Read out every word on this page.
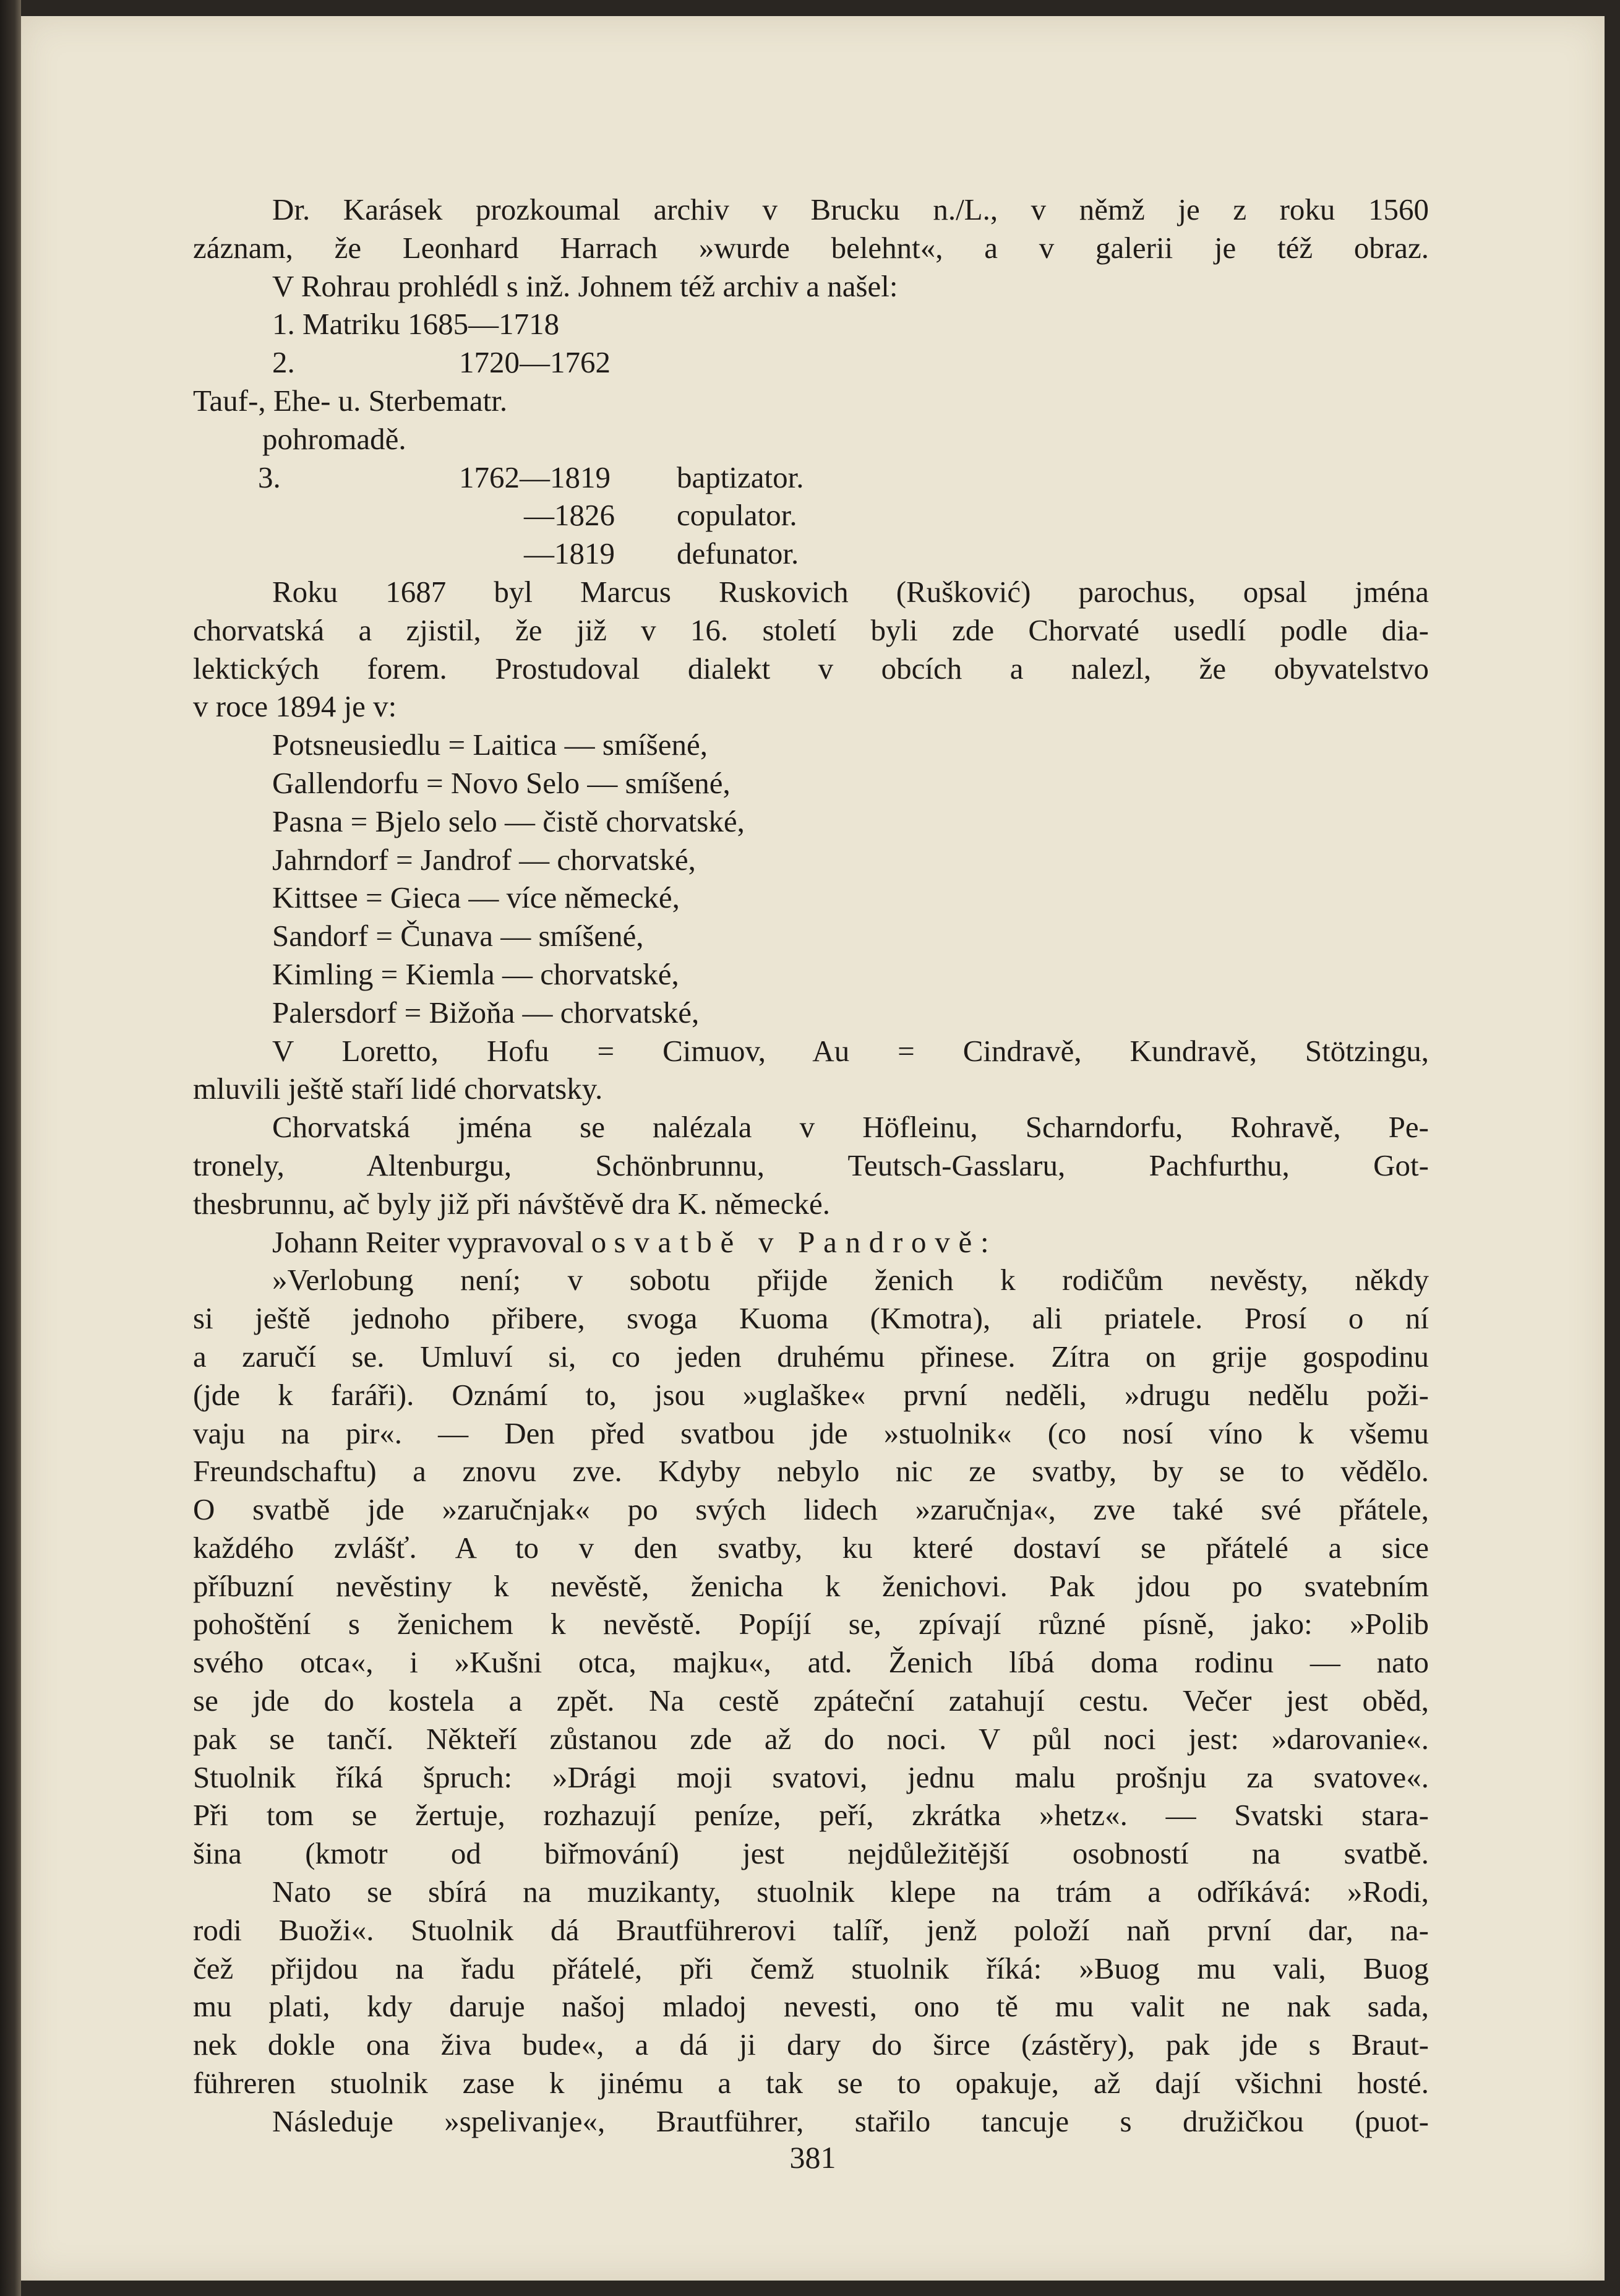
Dr. Karásek prozkoumal archiv v Brucku n./L., v němž je z roku 1560
záznam, že Leonhard Harrach »wurde belehnt«, a v galerii je též obraz.
V Rohrau prohlédl s inž. Johnem též archiv a našel:
1. Matriku 1685—1718
2.	1720—1762
Tauf-, Ehe- u. Sterbematr.
pohromadě.
3.	1762—1819 baptizator.
—1826 copulator.
—1819 defunator.
Roku 1687 byl Marcus Ruskovich (Rušković) parochus, opsal jména
chorvatská a zjistil, že již v 16. století byli zde Chorvaté usedlí podle dia-
lektických forem. Prostudoval dialekt v obcích a nalezl, že obyvatelstvo
v roce 1894 je v:
Potsneusiedlu = Laitica — smíšené,
Gallendorfu = Novo Selo — smíšené,
Pasna = Bjelo selo — čistě chorvatské,
Jahrndorf = Jandrof — chorvatské,
Kittsee = Gieca — více německé,
Sandorf = Čunava — smíšené,
Kimling = Kiemla — chorvatské,
Palersdorf = Bižoňa — chorvatské,
V Loretto, Hofu = Cimuov, Au = Cindravě, Kundravě, Stötzingu,
mluvili ještě staří lidé chorvatsky.
Chorvatská jména se nalézala v Höfleinu, Scharndorfu, Rohravě, Pe-
tronely, Altenburgu, Schönbrunnu, Teutsch-Gasslaru, Pachfurthu, Got-
thesbrunnu, ač byly již při návštěvě dra K. německé.
Johann Reiter vypravoval o svatbě v Pandrově:
»Verlobung není; v sobotu přijde ženich k rodičům nevěsty, někdy
si ještě jednoho přibere, svoga Kuoma (Kmotra), ali priatele. Prosí o ní
a zaručí se. Umluví si, co jeden druhému přinese. Zítra on grije gospodinu
(jde k faráři). Oznámí to, jsou »uglaške« první neděli, »drugu nedělu poži-
vaju na pir«. — Den před svatbou jde »stuolnik« (co nosí víno k všemu
Freundschaftu) a znovu zve. Kdyby nebylo nic ze svatby, by se to vědělo.
O svatbě jde »zaručnjak« po svých lidech »zaručnja«, zve také své přátele,
každého zvlášť. A to v den svatby, ku které dostaví se přátelé a sice
příbuzní nevěstiny k nevěstě, ženicha k ženichovi. Pak jdou po svatebním
pohoštění s ženichem k nevěstě. Popíjí se, zpívají různé písně, jako: »Polib
svého otca«, i »Kušni otca, majku«, atd. Ženich líbá doma rodinu — nato
se jde do kostela a zpět. Na cestě zpáteční zatahují cestu. Večer jest oběd,
pak se tančí. Někteří zůstanou zde až do noci. V půl noci jest: »darovanie«.
Stuolnik říká špruch: »Drági moji svatovi, jednu malu prošnju za svatove«.
Při tom se žertuje, rozhazují peníze, peří, zkrátka »hetz«. — Svatski stara-
šina (kmotr od biřmování) jest nejdůležitější osobností na svatbě.
Nato se sbírá na muzikanty, stuolnik klepe na trám a odříkává: »Rodi,
rodi Buoži«. Stuolnik dá Brautführerovi talíř, jenž položí naň první dar, na-
čež přijdou na řadu přátelé, při čemž stuolnik říká: »Buog mu vali, Buog
mu plati, kdy daruje našoj mladoj nevesti, ono tě mu valit ne nak sada,
nek dokle ona živa bude«, a dá ji dary do širce (zástěry), pak jde s Braut-
führeren stuolnik zase k jinému a tak se to opakuje, až dají všichni hosté.
Následuje »spelivanje«, Brautführer, stařilo tancuje s družičkou (puot-
381
